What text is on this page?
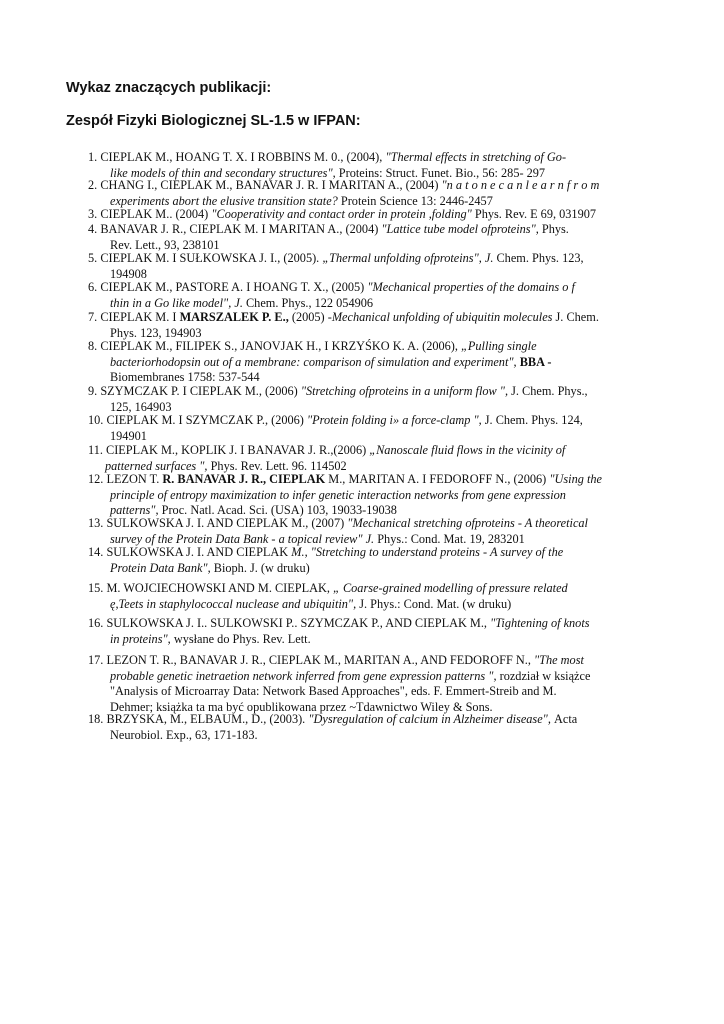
Wykaz znaczących publikacji:
Zespół Fizyki Biologicznej SL-1.5 w IFPAN:
1. CIEPLAK M., HOANG T. X. I ROBBINS M. 0., (2004), "Thermal effects in stretching of Go-
like models of thin and secondary structures", Proteins: Struct. Funet. Bio., 56: 285- 297
2. CHANG I., CIEPLAK M., BANAVAR J. R. I MARITAN A., (2004) "n a t o n e c a n l e a r n f r o m
experiments abort the elusive transition state? Protein Science 13: 2446-2457
3. CIEPLAK M.. (2004) "Cooperativity and contact order in protein ,folding" Phys. Rev. E 69, 031907
4. BANAVAR J. R., CIEPLAK M. I MARITAN A., (2004) "Lattice tube model ofproteins", Phys.
Rev. Lett., 93, 238101
5. CIEPLAK M. I SUŁKOWSKA J. I., (2005). „Thermal unfolding ofproteins", J. Chem. Phys. 123,
194908
6. CIEPLAK M., PASTORE A. I HOANG T. X., (2005) "Mechanical properties of the domains o f
thin in a Go like model", J. Chem. Phys., 122 054906
7. CIEPLAK M. I MARSZALEK P. E., (2005) -Mechanical unfolding of ubiquitin molecules J. Chem.
Phys. 123, 194903
8. CIEPLAK M., FILIPEK S., JANOVJAK H., I KRZYŚKO K. A. (2006), „Pulling single
bacteriorhodopsin out of a membrane: comparison of simulation and experiment", BBA -
Biomembranes 1758: 537-544
9. SZYMCZAK P. I CIEPLAK M., (2006) "Stretching ofproteins in a uniform flow ", J. Chem. Phys.,
125, 164903
10. CIEPLAK M. I SZYMCZAK P., (2006) "Protein folding i» a force-clamp ", J. Chem. Phys. 124,
194901
11. CIEPLAK M., KOPLIK J. I BANAVAR J. R.,(2006) „Nanoscale fluid flows in the vicinity of
patterned surfaces ", Phys. Rev. Lett. 96. 114502
12. LEZON T. R. BANAVAR J. R., CIEPLAK M., MARITAN A. I FEDOROFF N., (2006) "Using the
principle of entropy maximization to infer genetic interaction networks from gene expression
patterns", Proc. Natl. Acad. Sci. (USA) 103, 19033-19038
13. SULKOWSKA J. I. AND CIEPLAK M., (2007) "Mechanical stretching ofproteins - A theoretical
survey of the Protein Data Bank - a topical review" J. Phys.: Cond. Mat. 19, 283201
14. SULKOWSKA J. I. AND CIEPLAK M., "Stretching to understand proteins - A survey of the
Protein Data Bank", Bioph. J. (w druku)
15. M. WOJCIECHOWSKI AND M. CIEPLAK, „ Coarse-grained modelling of pressure related
ę,Teets in staphylococcal nuclease and ubiquitin", J. Phys.: Cond. Mat. (w druku)
16. SULKOWSKA J. I.. SULKOWSKI P.. SZYMCZAK P., AND CIEPLAK M., "Tightening of knots
in proteins", wysłane do Phys. Rev. Lett.
17. LEZON T. R., BANAVAR J. R., CIEPLAK M., MARITAN A., AND FEDOROFF N., "The most
probable genetic inetraetion network inferred from gene expression patterns ", rozdział w książce
"Analysis of Microarray Data: Network Based Approaches", eds. F. Emmert-Streib and M.
Dehmer; książka ta ma być opublikowana przez ~Tdawnictwo Wiley & Sons.
18. BRZYSKA, M., ELBAUM., D., (2003). "Dysregulation of calcium in Alzheimer disease", Acta
Neurobiol. Exp., 63, 171-183.
